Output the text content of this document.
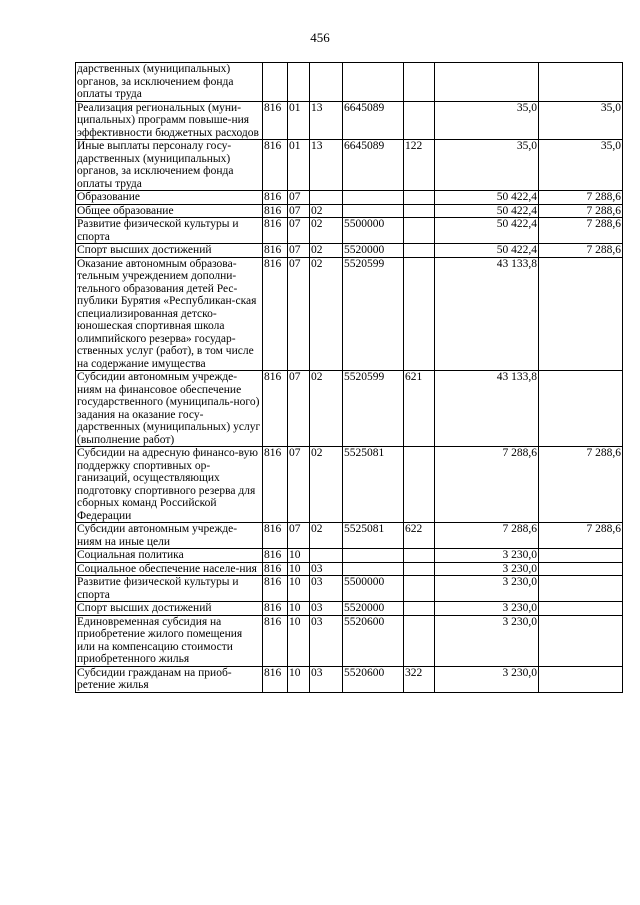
456
дарственных (муниципальных) органов, за исключением фонда оплаты труда							
Реализация региональных (муни-ципальных) программ повыше-ния эффективности бюджетных расходов	816	01	13	6645089		35,0	35,0
Иные выплаты персоналу госу-дарственных (муниципальных) органов, за исключением фонда оплаты труда	816	01	13	6645089	122	35,0	35,0
Образование	816	07				50 422,4	7 288,6
Общее образование	816	07	02			50 422,4	7 288,6
Развитие физической культуры и спорта	816	07	02	5500000		50 422,4	7 288,6
Спорт высших достижений	816	07	02	5520000		50 422,4	7 288,6
Оказание автономным образова-тельным учреждением дополни-тельного образования детей Рес-публики Бурятия «Республикан-ская специализированная детско-юношеская спортивная школа олимпийского резерва» государ-ственных услуг (работ), в том числе на содержание имущества	816	07	02	5520599		43 133,8	
Субсидии автономным учрежде-ниям на финансовое обеспечение государственного (муниципаль-ного) задания на оказание госу-дарственных (муниципальных) услуг (выполнение работ)	816	07	02	5520599	621	43 133,8	
Субсидии на адресную финансо-вую поддержку спортивных ор-ганизаций, осуществляющих подготовку спортивного резерва для сборных команд Российской Федерации	816	07	02	5525081		7 288,6	7 288,6
Субсидии автономным учрежде-ниям на иные цели	816	07	02	5525081	622	7 288,6	7 288,6
Социальная политика	816	10				3 230,0	
Социальное обеспечение населе-ния	816	10	03			3 230,0	
Развитие физической культуры и спорта	816	10	03	5500000		3 230,0	
Спорт высших достижений	816	10	03	5520000		3 230,0	
Единовременная субсидия на приобретение жилого помещения или на компенсацию стоимости приобретенного жилья	816	10	03	5520600		3 230,0	
Субсидии гражданам на приоб-ретение жилья	816	10	03	5520600	322	3 230,0	
